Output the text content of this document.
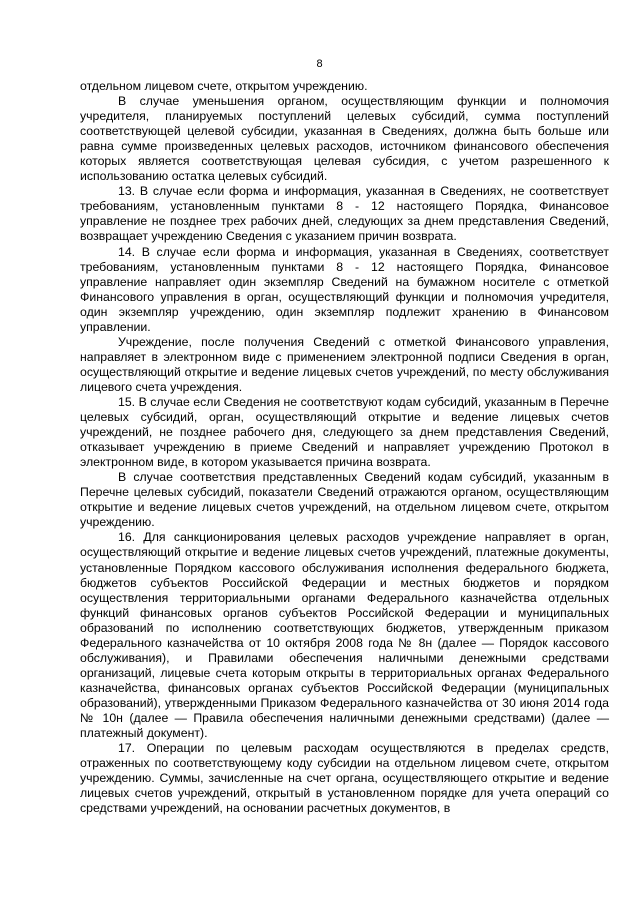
8

отдельном лицевом счете, открытом учреждению.

В случае уменьшения органом, осуществляющим функции и полномочия учредителя, планируемых поступлений целевых субсидий, сумма поступлений соответствующей целевой субсидии, указанная в Сведениях, должна быть больше или равна сумме произведенных целевых расходов, источником финансового обеспечения которых является соответствующая целевая субсидия, с учетом разрешенного к использованию остатка целевых субсидий.

13. В случае если форма и информация, указанная в Сведениях, не соответствует требованиям, установленным пунктами 8 - 12 настоящего Порядка, Финансовое управление не позднее трех рабочих дней, следующих за днем представления Сведений, возвращает учреждению Сведения с указанием причин возврата.

14. В случае если форма и информация, указанная в Сведениях, соответствует требованиям, установленным пунктами 8 - 12 настоящего Порядка, Финансовое управление направляет один экземпляр Сведений на бумажном носителе с отметкой Финансового управления в орган, осуществляющий функции и полномочия учредителя, один экземпляр учреждению, один экземпляр подлежит хранению в Финансовом управлении.

Учреждение, после получения Сведений с отметкой Финансового управления, направляет в электронном виде с применением электронной подписи Сведения в орган, осуществляющий открытие и ведение лицевых счетов учреждений, по месту обслуживания лицевого счета учреждения.

15. В случае если Сведения не соответствуют кодам субсидий, указанным в Перечне целевых субсидий, орган, осуществляющий открытие и ведение лицевых счетов учреждений, не позднее рабочего дня, следующего за днем представления Сведений, отказывает учреждению в приеме Сведений и направляет учреждению Протокол в электронном виде, в котором указывается причина возврата.

В случае соответствия представленных Сведений кодам субсидий, указанным в Перечне целевых субсидий, показатели Сведений отражаются органом, осуществляющим открытие и ведение лицевых счетов учреждений, на отдельном лицевом счете, открытом учреждению.

16. Для санкционирования целевых расходов учреждение направляет в орган, осуществляющий открытие и ведение лицевых счетов учреждений, платежные документы, установленные Порядком кассового обслуживания исполнения федерального бюджета, бюджетов субъектов Российской Федерации и местных бюджетов и порядком осуществления территориальными органами Федерального казначейства отдельных функций финансовых органов субъектов Российской Федерации и муниципальных образований по исполнению соответствующих бюджетов, утвержденным приказом Федерального казначейства от 10 октября 2008 года № 8н (далее — Порядок кассового обслуживания), и Правилами обеспечения наличными денежными средствами организаций, лицевые счета которым открыты в территориальных органах Федерального казначейства, финансовых органах субъектов Российской Федерации (муниципальных образований), утвержденными Приказом Федерального казначейства от 30 июня 2014 года № 10н (далее — Правила обеспечения наличными денежными средствами) (далее — платежный документ).

17. Операции по целевым расходам осуществляются в пределах средств, отраженных по соответствующему коду субсидии на отдельном лицевом счете, открытом учреждению. Суммы, зачисленные на счет органа, осуществляющего открытие и ведение лицевых счетов учреждений, открытый в установленном порядке для учета операций со средствами учреждений, на основании расчетных документов, в
